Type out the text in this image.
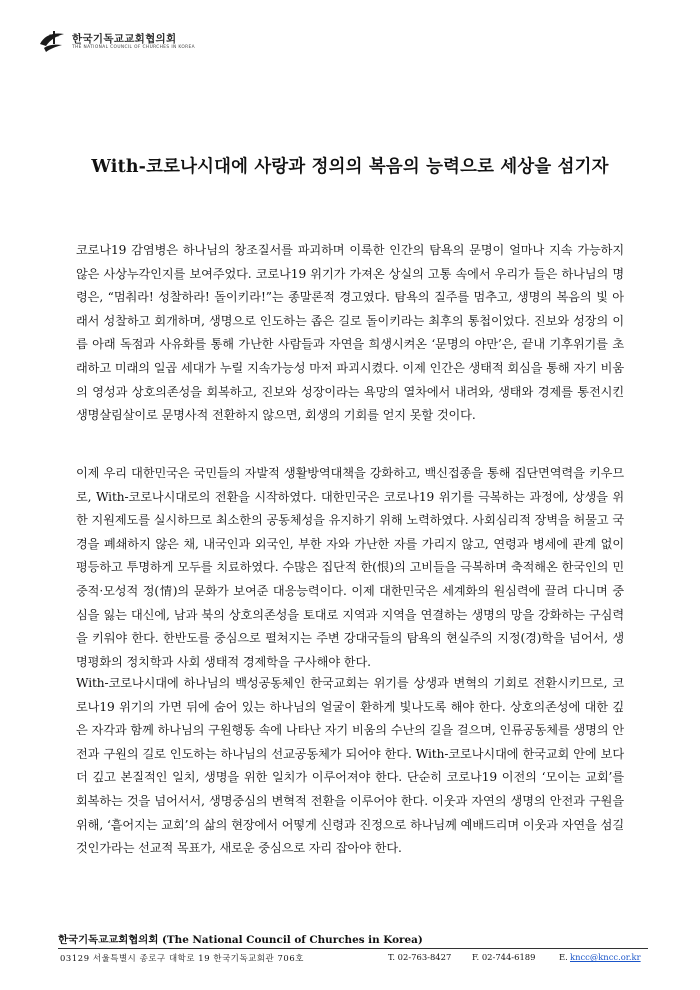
한국기독교교회협의회
THE NATIONAL COUNCIL OF CHURCHES IN KOREA
With-코로나시대에 사랑과 정의의 복음의 능력으로 세상을 섬기자

코로나19 감염병은 하나님의 창조질서를 파괴하며 이룩한 인간의 탐욕의 문명이 얼마나 지속 가능하지 않은 사상누각인지를 보여주었다. 코로나19 위기가 가져온 상실의 고통 속에서 우리가 들은 하나님의 명령은, “멈춰라! 성찰하라! 돌이키라!”는 종말론적 경고였다. 탐욕의 질주를 멈추고, 생명의 복음의 빛 아래서 성찰하고 회개하며, 생명으로 인도하는 좁은 길로 돌이키라는 최후의 통첩이었다. 진보와 성장의 이름 아래 독점과 사유화를 통해 가난한 사람들과 자연을 희생시켜온 ‘문명의 야만’은, 끝내 기후위기를 초래하고 미래의 일곱 세대가 누릴 지속가능성 마저 파괴시켰다. 이제 인간은 생태적 회심을 통해 자기 비움의 영성과 상호의존성을 회복하고, 진보와 성장이라는 욕망의 열차에서 내려와, 생태와 경제를 통전시킨 생명살림살이로 문명사적 전환하지 않으면, 회생의 기회를 얻지 못할 것이다.

이제 우리 대한민국은 국민들의 자발적 생활방역대책을 강화하고, 백신접종을 통해 집단면역력을 키우므로, With-코로나시대로의 전환을 시작하였다. 대한민국은 코로나19 위기를 극복하는 과정에, 상생을 위한 지원제도를 실시하므로 최소한의 공동체성을 유지하기 위해 노력하였다. 사회심리적 장벽을 허물고 국경을 폐쇄하지 않은 채, 내국인과 외국인, 부한 자와 가난한 자를 가리지 않고, 연령과 병세에 관계 없이 평등하고 투명하게 모두를 치료하였다. 수많은 집단적 한(恨)의 고비들을 극복하며 축적해온 한국인의 민중적·모성적 정(情)의 문화가 보여준 대응능력이다. 이제 대한민국은 세계화의 원심력에 끌려 다니며 중심을 잃는 대신에, 남과 북의 상호의존성을 토대로 지역과 지역을 연결하는 생명의 망을 강화하는 구심력을 키워야 한다. 한반도를 중심으로 펼쳐지는 주변 강대국들의 탐욕의 현실주의 지정(경)학을 넘어서, 생명평화의 정치학과 사회 생태적 경제학을 구사해야 한다.

With-코로나시대에 하나님의 백성공동체인 한국교회는 위기를 상생과 변혁의 기회로 전환시키므로, 코로나19 위기의 가면 뒤에 숨어 있는 하나님의 얼굴이 환하게 빛나도록 해야 한다. 상호의존성에 대한 깊은 자각과 함께 하나님의 구원행동 속에 나타난 자기 비움의 수난의 길을 걸으며, 인류공동체를 생명의 안전과 구원의 길로 인도하는 하나님의 선교공동체가 되어야 한다. With-코로나시대에 한국교회 안에 보다 더 깊고 본질적인 일치, 생명을 위한 일치가 이루어져야 한다. 단순히 코로나19 이전의 ‘모이는 교회’를 회복하는 것을 넘어서서, 생명중심의 변혁적 전환을 이루어야 한다. 이웃과 자연의 생명의 안전과 구원을 위해, ‘흩어지는 교회’의 삶의 현장에서 어떻게 신령과 진정으로 하나님께 예배드리며 이웃과 자연을 섬길 것인가라는 선교적 목표가, 새로운 중심으로 자리 잡아야 한다.

한국기독교교회협의회 (The National Council of Churches in Korea)
03129 서울특별시 종로구 대학로 19 한국기독교회관 706호	T. 02-763-8427 F. 02-744-6189	E. kncc@kncc.or.kr
